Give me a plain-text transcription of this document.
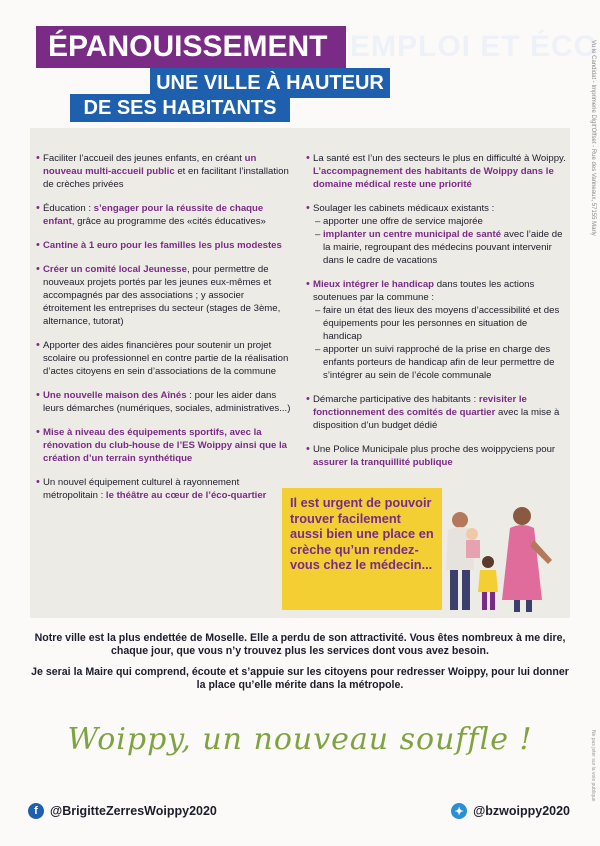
EMPLOI ET ÉCO
ÉPANOUISSEMENT
UNE VILLE À HAUTEUR
DE SES HABITANTS	Vu le Candidat - Imprimerie Digit'Offset - Rue des Vanneaux, 57155 Marly
Ne pas jeter sur la voie publique
• Faciliter l’accueil des jeunes enfants, en créant un nouveau multi-accueil public et en facilitant l’installation de crèches privées
• Éducation : s’engager pour la réussite de chaque enfant, grâce au programme des «cités éducatives»
• Cantine à 1 euro pour les familles les plus modestes
• Créer un comité local Jeunesse, pour permettre de nouveaux projets portés par les jeunes eux-mêmes et accompagnés par des associations ; y associer étroitement les entreprises du secteur (stages de 3ème, alternance, tutorat)
• Apporter des aides financières pour soutenir un projet scolaire ou professionnel en contre partie de la réalisation d’actes citoyens en sein d’associations de la commune
• Une nouvelle maison des Aînés : pour les aider dans leurs démarches (numériques, sociales, administratives...)
• Mise à niveau des équipements sportifs, avec la rénovation du club-house de l’ES Woippy ainsi que la création d’un terrain synthétique
• Un nouvel équipement culturel à rayonnement métropolitain : le théâtre au cœur de l’éco-quartier
• La santé est l’un des secteurs le plus en difficulté à Woippy. L’accompagnement des habitants de Woippy dans le domaine médical reste une priorité
• Soulager les cabinets médicaux existants :
– apporter une offre de service majorée
– implanter un centre municipal de santé avec l’aide de la mairie, regroupant des médecins pouvant intervenir dans le cadre de vacations
• Mieux intégrer le handicap dans toutes les actions soutenues par la commune :
– faire un état des lieux des moyens d’accessibilité et des équipements pour les personnes en situation de handicap
– apporter un suivi rapproché de la prise en charge des enfants porteurs de handicap afin de leur permettre de s’intégrer au sein de l’école communale
• Démarche participative des habitants : revisiter le fonctionnement des comités de quartier avec la mise à disposition d’un budget dédié
• Une Police Municipale plus proche des woippyciens pour assurer la tranquillité publique

Il est urgent de pouvoir trouver facilement aussi bien une place en crèche qu’un rendez-vous chez le médecin...

Notre ville est la plus endettée de Moselle. Elle a perdu de son attractivité. Vous êtes nombreux à me dire, chaque jour, que vous n’y trouvez plus les services dont vous avez besoin.

Je serai la Maire qui comprend, écoute et s’appuie sur les citoyens pour redresser Woippy, pour lui donner la place qu’elle mérite dans la métropole.

Woippy, un nouveau souffle !
f @BrigitteZerresWoippy2020	✦ @bzwoippy2020
